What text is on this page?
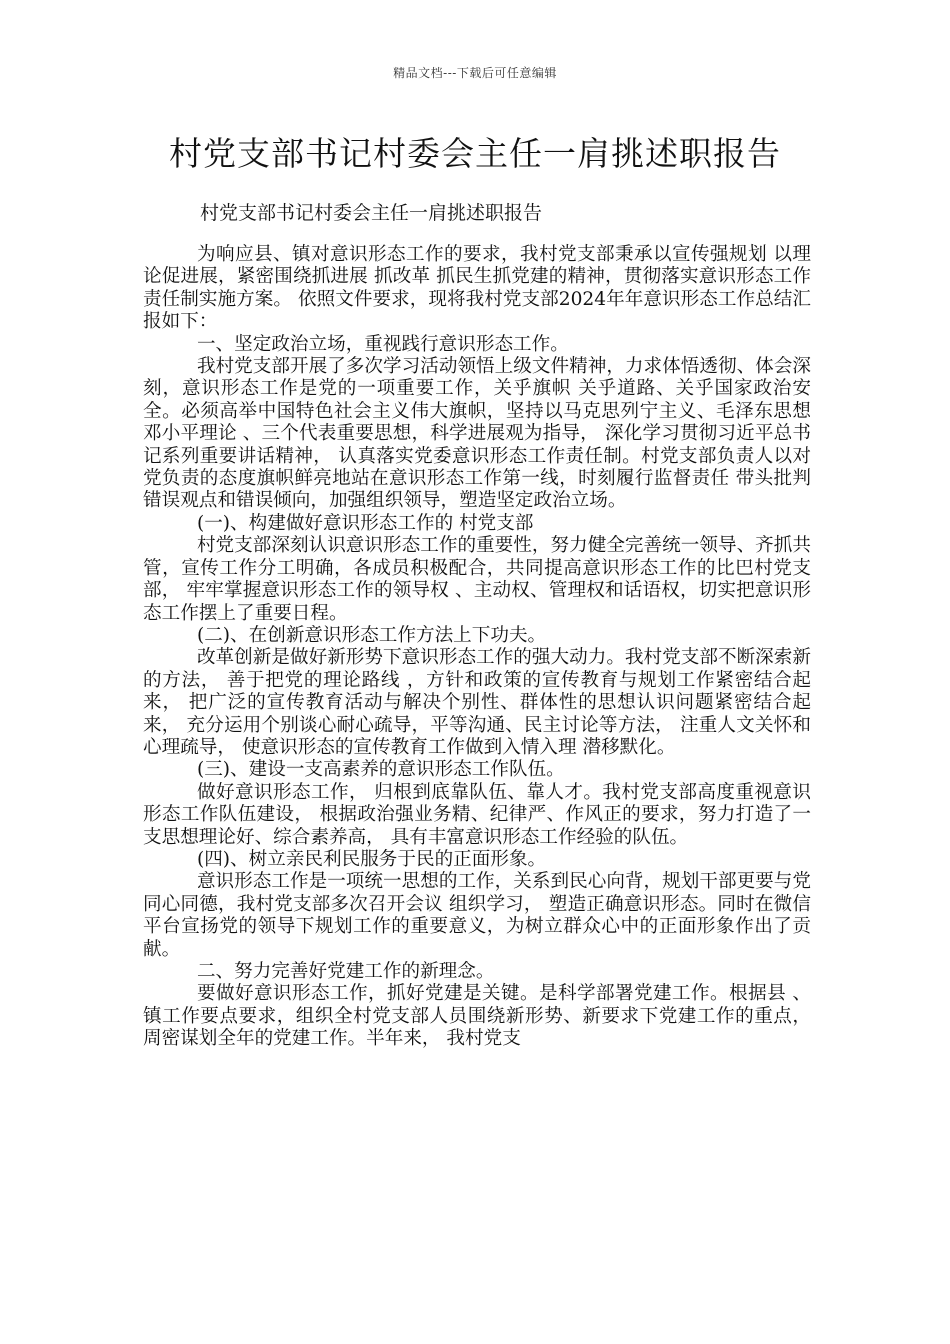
精品文档---下载后可任意编辑
村党支部书记村委会主任一肩挑述职报告
村党支部书记村委会主任一肩挑述职报告

为响应县、镇对意识形态工作的要求，我村党支部秉承以宣传强规划 以理论促进展，紧密围绕抓进展 抓改革 抓民生抓党建的精神，贯彻落实意识形态工作责任制实施方案。 依照文件要求，现将我村党支部2024年年意识形态工作总结汇报如下：

一、坚定政治立场，重视践行意识形态工作。

我村党支部开展了多次学习活动领悟上级文件精神，力求体悟透彻、体会深刻，意识形态工作是党的一项重要工作，关乎旗帜 关乎道路、关乎国家政治安全。必须高举中国特色社会主义伟大旗帜，坚持以马克思列宁主义、毛泽东思想 邓小平理论 、三个代表重要思想，科学进展观为指导， 深化学习贯彻习近平总书记系列重要讲话精神， 认真落实党委意识形态工作责任制。村党支部负责人以对党负责的态度旗帜鲜亮地站在意识形态工作第一线，时刻履行监督责任 带头批判错误观点和错误倾向，加强组织领导，塑造坚定政治立场。

(一)、构建做好意识形态工作的 村党支部

村党支部深刻认识意识形态工作的重要性，努力健全完善统一领导、齐抓共管，宣传工作分工明确，各成员积极配合，共同提高意识形态工作的比巴村党支部， 牢牢掌握意识形态工作的领导权 、主动权、管理权和话语权，切实把意识形态工作摆上了重要日程。

(二)、在创新意识形态工作方法上下功夫。

改革创新是做好新形势下意识形态工作的强大动力。我村党支部不断深索新的方法， 善于把党的理论路线 ，方针和政策的宣传教育与规划工作紧密结合起来， 把广泛的宣传教育活动与解决个别性、群体性的思想认识问题紧密结合起来， 充分运用个别谈心耐心疏导，平等沟通、民主讨论等方法， 注重人文关怀和心理疏导， 使意识形态的宣传教育工作做到入情入理 潜移默化。

(三)、建设一支高素养的意识形态工作队伍。

做好意识形态工作， 归根到底靠队伍、靠人才。我村党支部高度重视意识形态工作队伍建设， 根据政治强业务精、纪律严、作风正的要求，努力打造了一支思想理论好、综合素养高， 具有丰富意识形态工作经验的队伍。

(四)、树立亲民利民服务于民的正面形象。

意识形态工作是一项统一思想的工作，关系到民心向背，规划干部更要与党同心同德，我村党支部多次召开会议 组织学习， 塑造正确意识形态。同时在微信平台宣扬党的领导下规划工作的重要意义，为树立群众心中的正面形象作出了贡献。

二、努力完善好党建工作的新理念。

要做好意识形态工作，抓好党建是关键。是科学部署党建工作。根据县 、镇工作要点要求，组织全村党支部人员围绕新形势、新要求下党建工作的重点，周密谋划全年的党建工作。半年来， 我村党支
